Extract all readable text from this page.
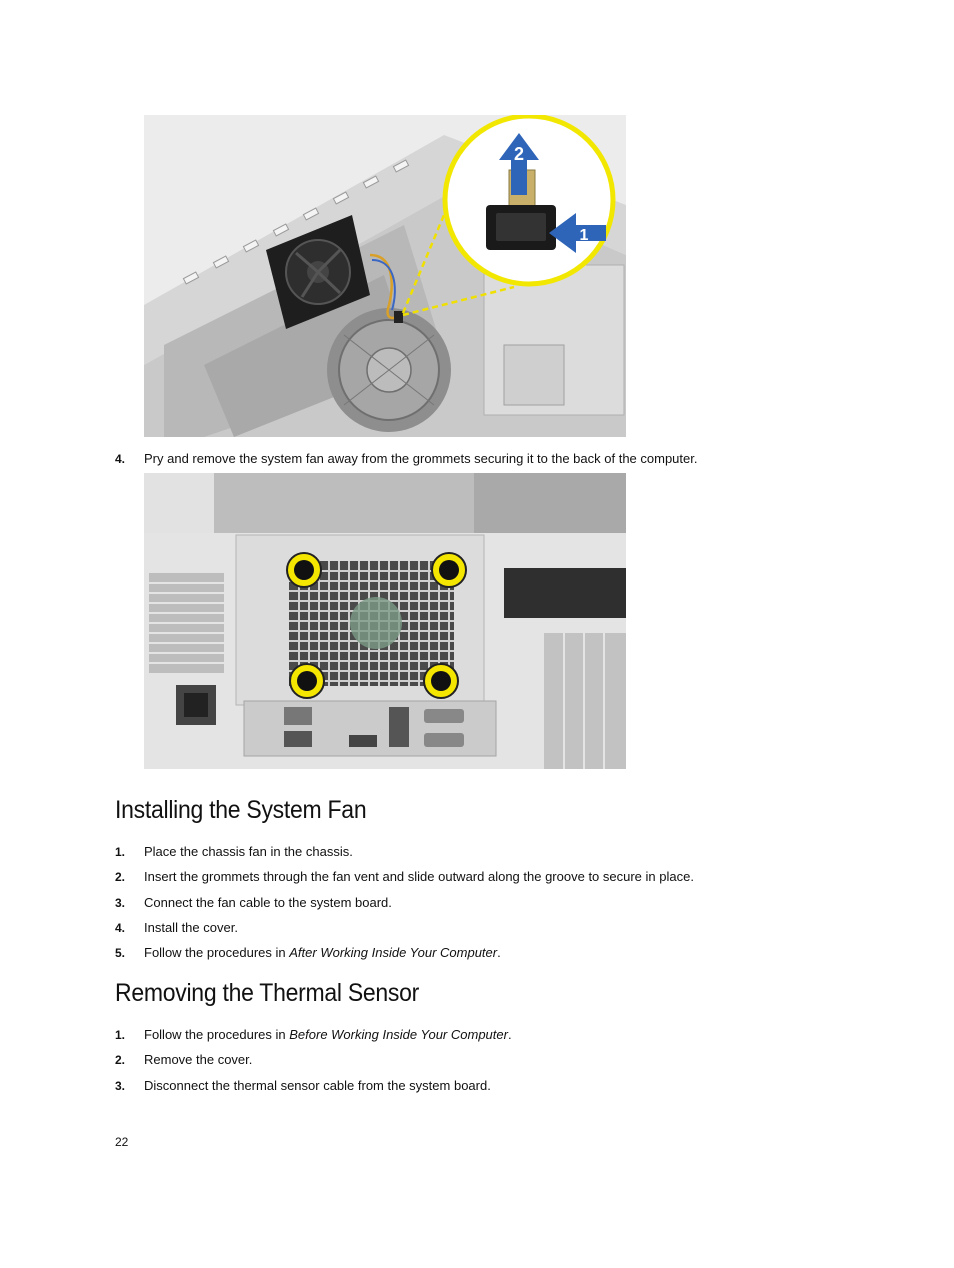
2
1
4. Pry and remove the system fan away from the grommets securing it to the back of the computer.
Installing the System Fan
1. Place the chassis fan in the chassis.
2. Insert the grommets through the fan vent and slide outward along the groove to secure in place.
3. Connect the fan cable to the system board.
4. Install the cover.
5. Follow the procedures in After Working Inside Your Computer.
Removing the Thermal Sensor
1. Follow the procedures in Before Working Inside Your Computer.
2. Remove the cover.
3. Disconnect the thermal sensor cable from the system board.
22
